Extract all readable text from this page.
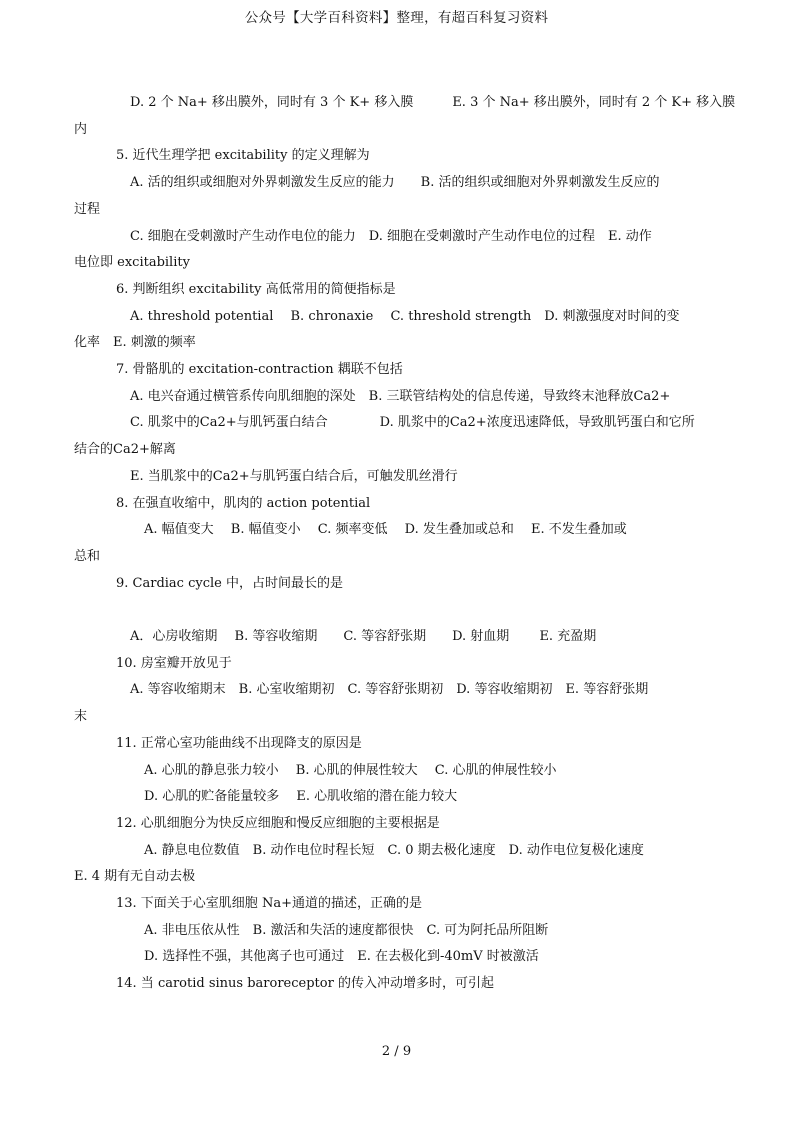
公众号【大学百科资料】整理，有超百科复习资料
D. 2 个 Na+ 移出膜外，同时有 3 个 K+ 移入膜　　　E. 3 个 Na+ 移出膜外，同时有 2 个 K+ 移入膜
内
5. 近代生理学把 excitability 的定义理解为
A. 活的组织或细胞对外界刺激发生反应的能力　　B. 活的组织或细胞对外界刺激发生反应的
过程
C. 细胞在受刺激时产生动作电位的能力　D. 细胞在受刺激时产生动作电位的过程　E. 动作
电位即 excitability
6. 判断组织 excitability 高低常用的简便指标是
A. threshold potential　 B. chronaxie　 C. threshold strength　D. 刺激强度对时间的变
化率　E. 刺激的频率
7. 骨骼肌的 excitation-contraction 耦联不包括
A. 电兴奋通过横管系传向肌细胞的深处　B. 三联管结构处的信息传递，导致终末池释放Ca2+
C. 肌浆中的Ca2+与肌钙蛋白结合　　　　D. 肌浆中的Ca2+浓度迅速降低，导致肌钙蛋白和它所
结合的Ca2+解离
E. 当肌浆中的Ca2+与肌钙蛋白结合后，可触发肌丝滑行
8. 在强直收缩中，肌肉的 action potential
A. 幅值变大　 B. 幅值变小　 C. 频率变低　 D. 发生叠加或总和　 E. 不发生叠加或
总和
9. Cardiac cycle 中，占时间最长的是
A．心房收缩期　 B. 等容收缩期　　C. 等容舒张期　　D. 射血期　　 E. 充盈期
10. 房室瓣开放见于
A. 等容收缩期末　B. 心室收缩期初　C. 等容舒张期初　D. 等容收缩期初　E. 等容舒张期
末
11. 正常心室功能曲线不出现降支的原因是
A. 心肌的静息张力较小　 B. 心肌的伸展性较大　 C. 心肌的伸展性较小
D. 心肌的贮备能量较多　 E. 心肌收缩的潜在能力较大
12. 心肌细胞分为快反应细胞和慢反应细胞的主要根据是
A. 静息电位数值　B. 动作电位时程长短　C. 0 期去极化速度　D. 动作电位复极化速度
E. 4 期有无自动去极
13. 下面关于心室肌细胞 Na+通道的描述，正确的是
A. 非电压依从性　B. 激活和失活的速度都很快　C. 可为阿托品所阻断
D. 选择性不强，其他离子也可通过　E. 在去极化到-40mV 时被激活
14. 当 carotid sinus baroreceptor 的传入冲动增多时，可引起
2 / 9
